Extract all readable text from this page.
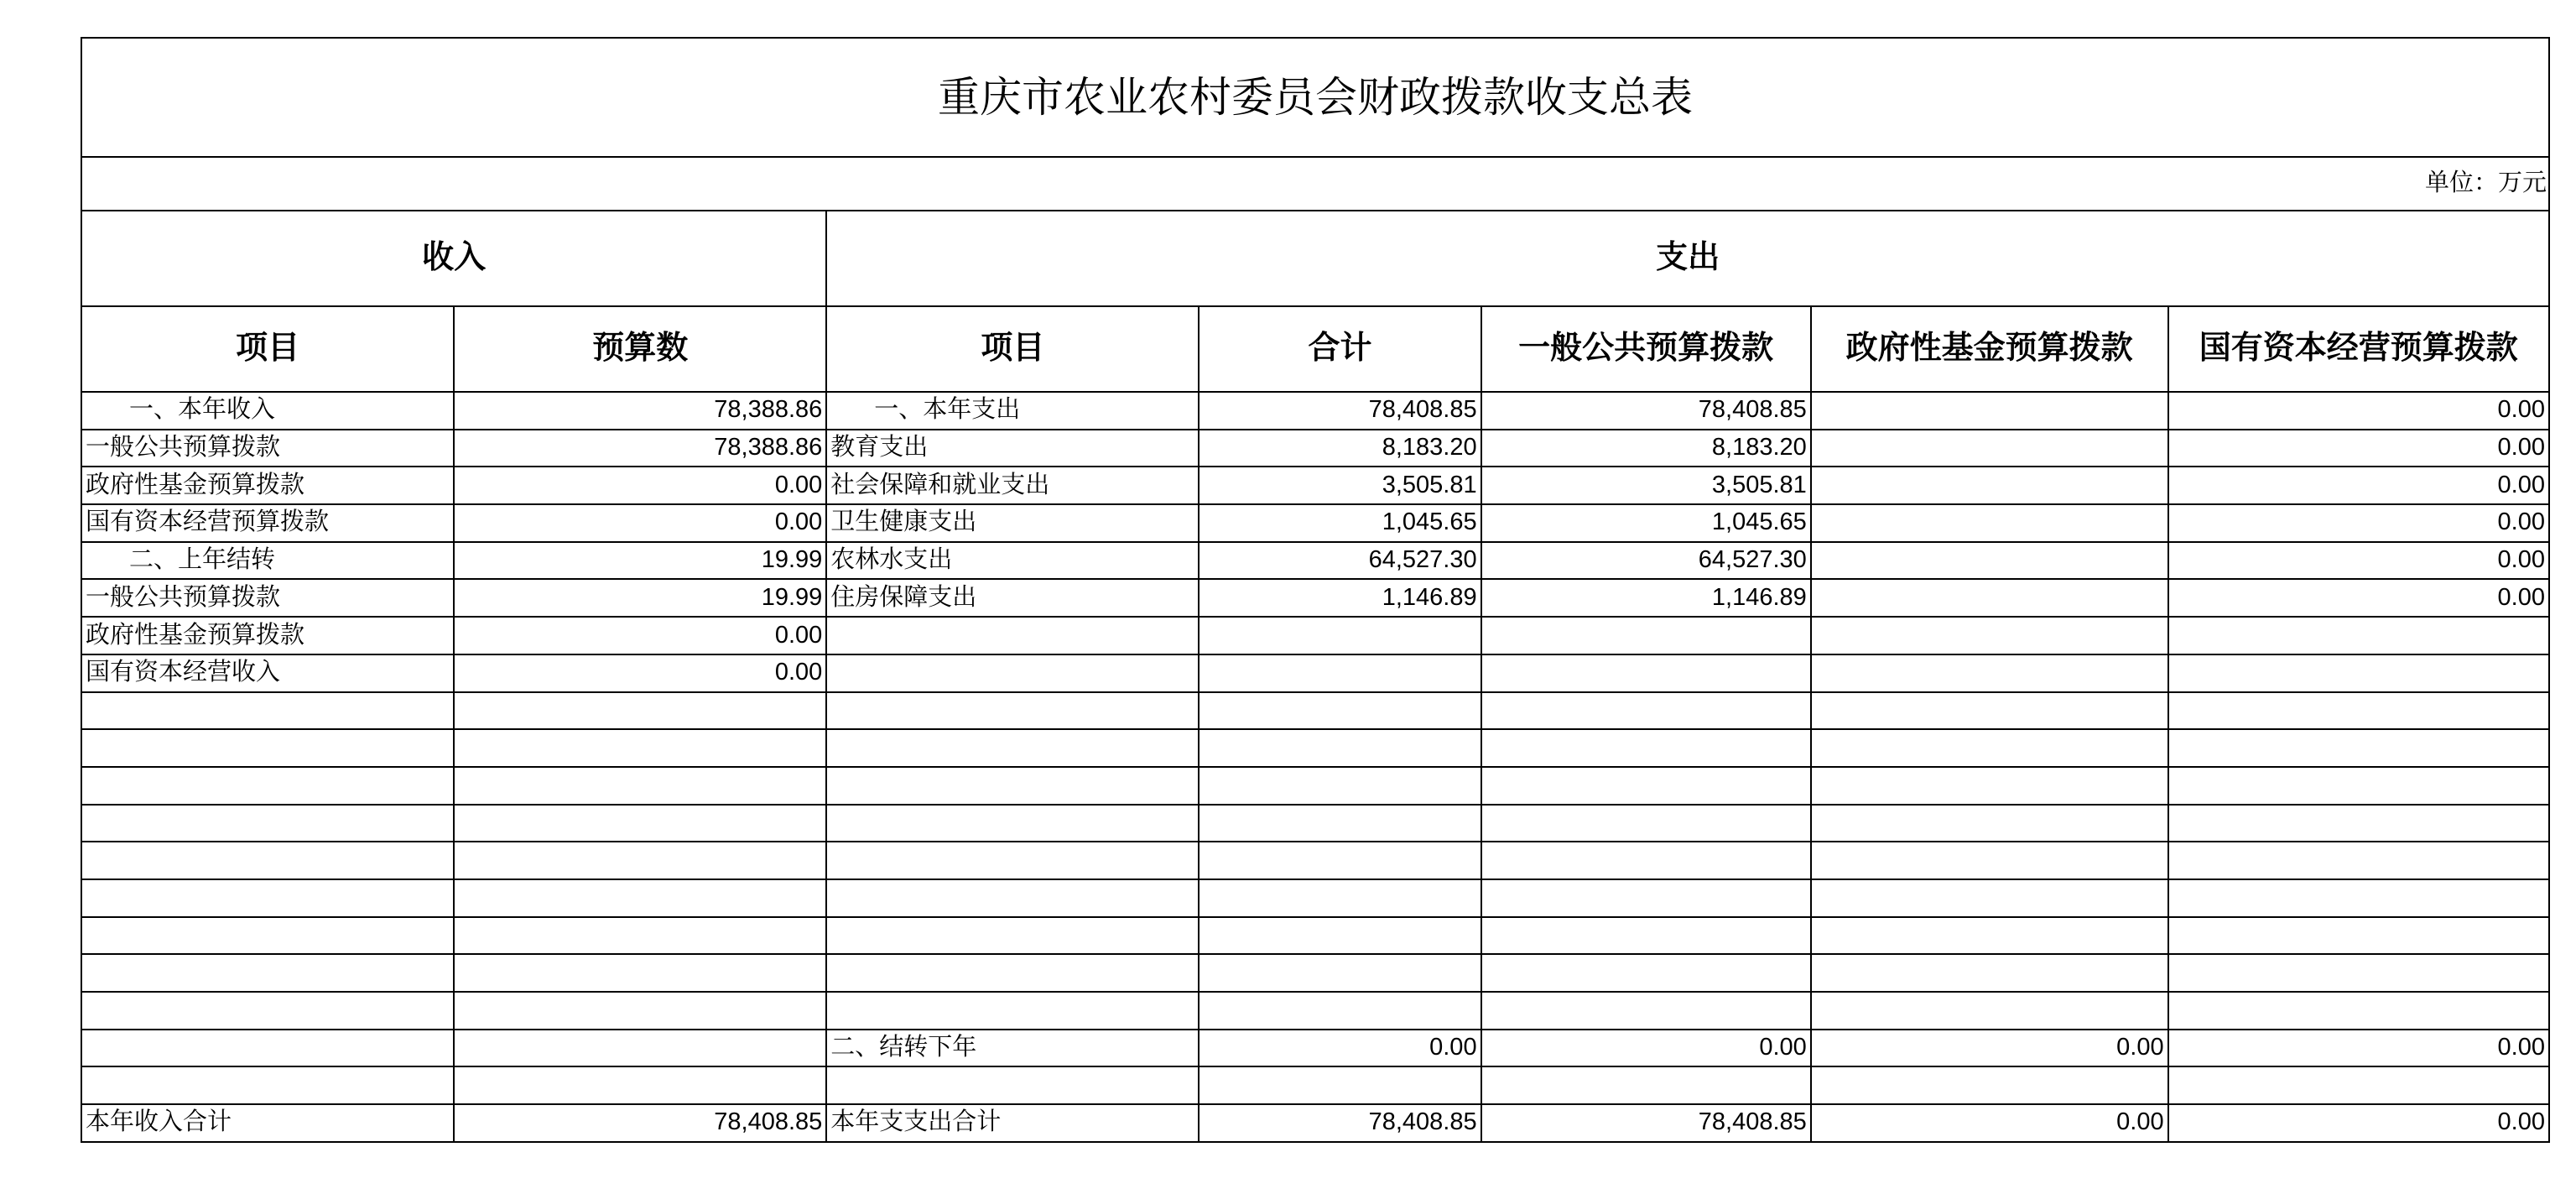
重庆市农业农村委员会财政拨款收支总表						
单位：万元						
收入		支出				
项目	预算数	项目	合计	一般公共预算拨款	政府性基金预算拨款	国有资本经营预算拨款
一、本年收入	78,388.86	一、本年支出	78,408.85	78,408.85		0.00
一般公共预算拨款	78,388.86	教育支出	8,183.20	8,183.20		0.00
政府性基金预算拨款	0.00	社会保障和就业支出	3,505.81	3,505.81		0.00
国有资本经营预算拨款	0.00	卫生健康支出	1,045.65	1,045.65		0.00
二、上年结转	19.99	农林水支出	64,527.30	64,527.30		0.00
一般公共预算拨款	19.99	住房保障支出	1,146.89	1,146.89		0.00
政府性基金预算拨款	0.00					
国有资本经营收入	0.00					

		二、结转下年	0.00	0.00	0.00	0.00

本年收入合计	78,408.85	本年支支出合计	78,408.85	78,408.85	0.00	0.00
